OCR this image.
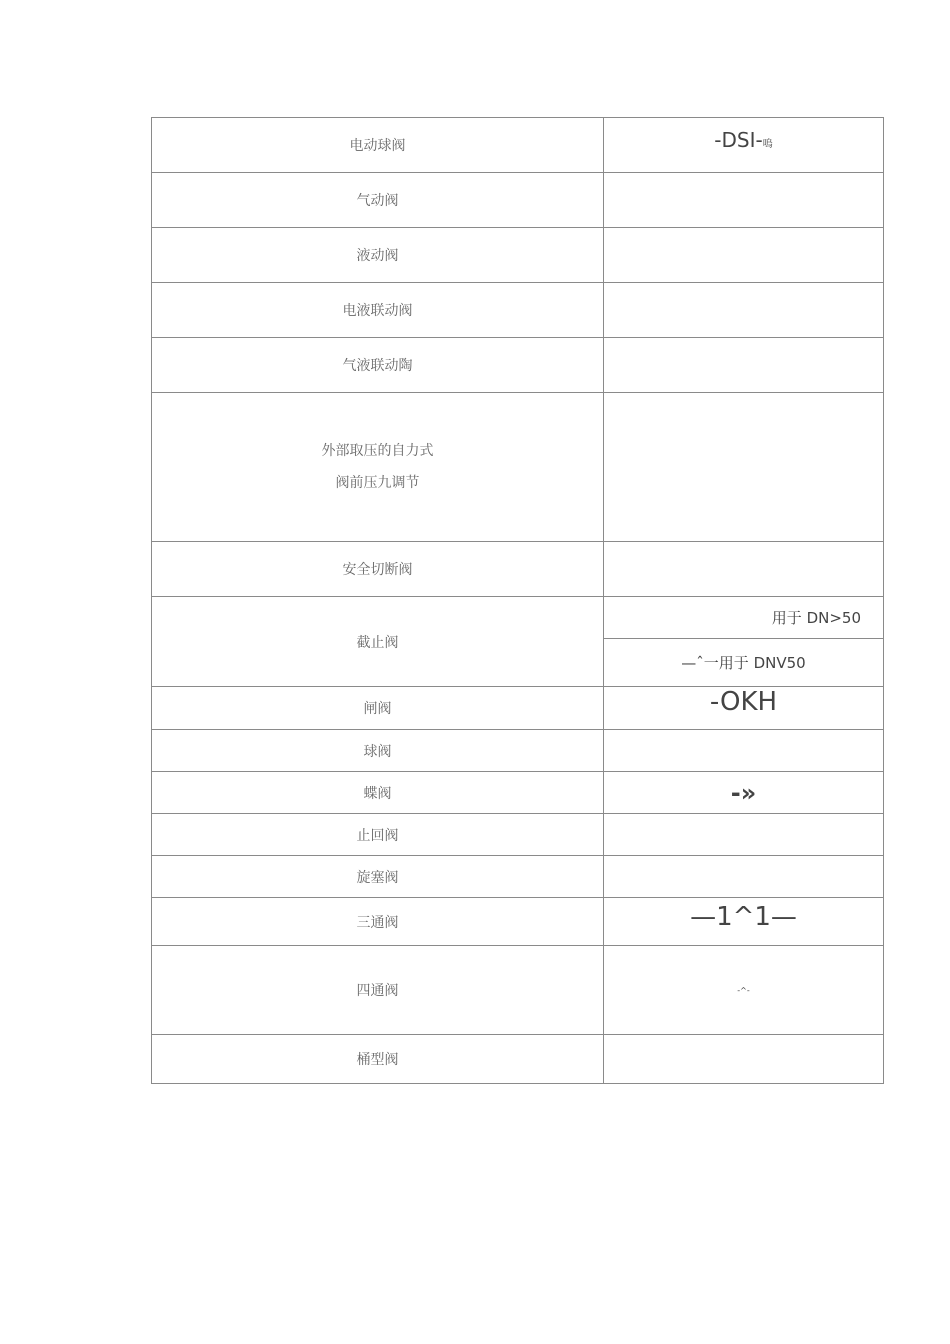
电动球阀	-DSI-嗚
气动阀	
液动阀	
电液联动阀	
气液联动陶	

外部取压的自力式
阀前压九调节	

安全切断阀	
截止阀	用于 DN>50
	—ˆ一用于 DNV50
闸阀	-OKH
球阀	
蝶阀	-»
止回阀	
旋塞阀	
三通阀	—1^1—
四通阀	-^-
桶型阀	
